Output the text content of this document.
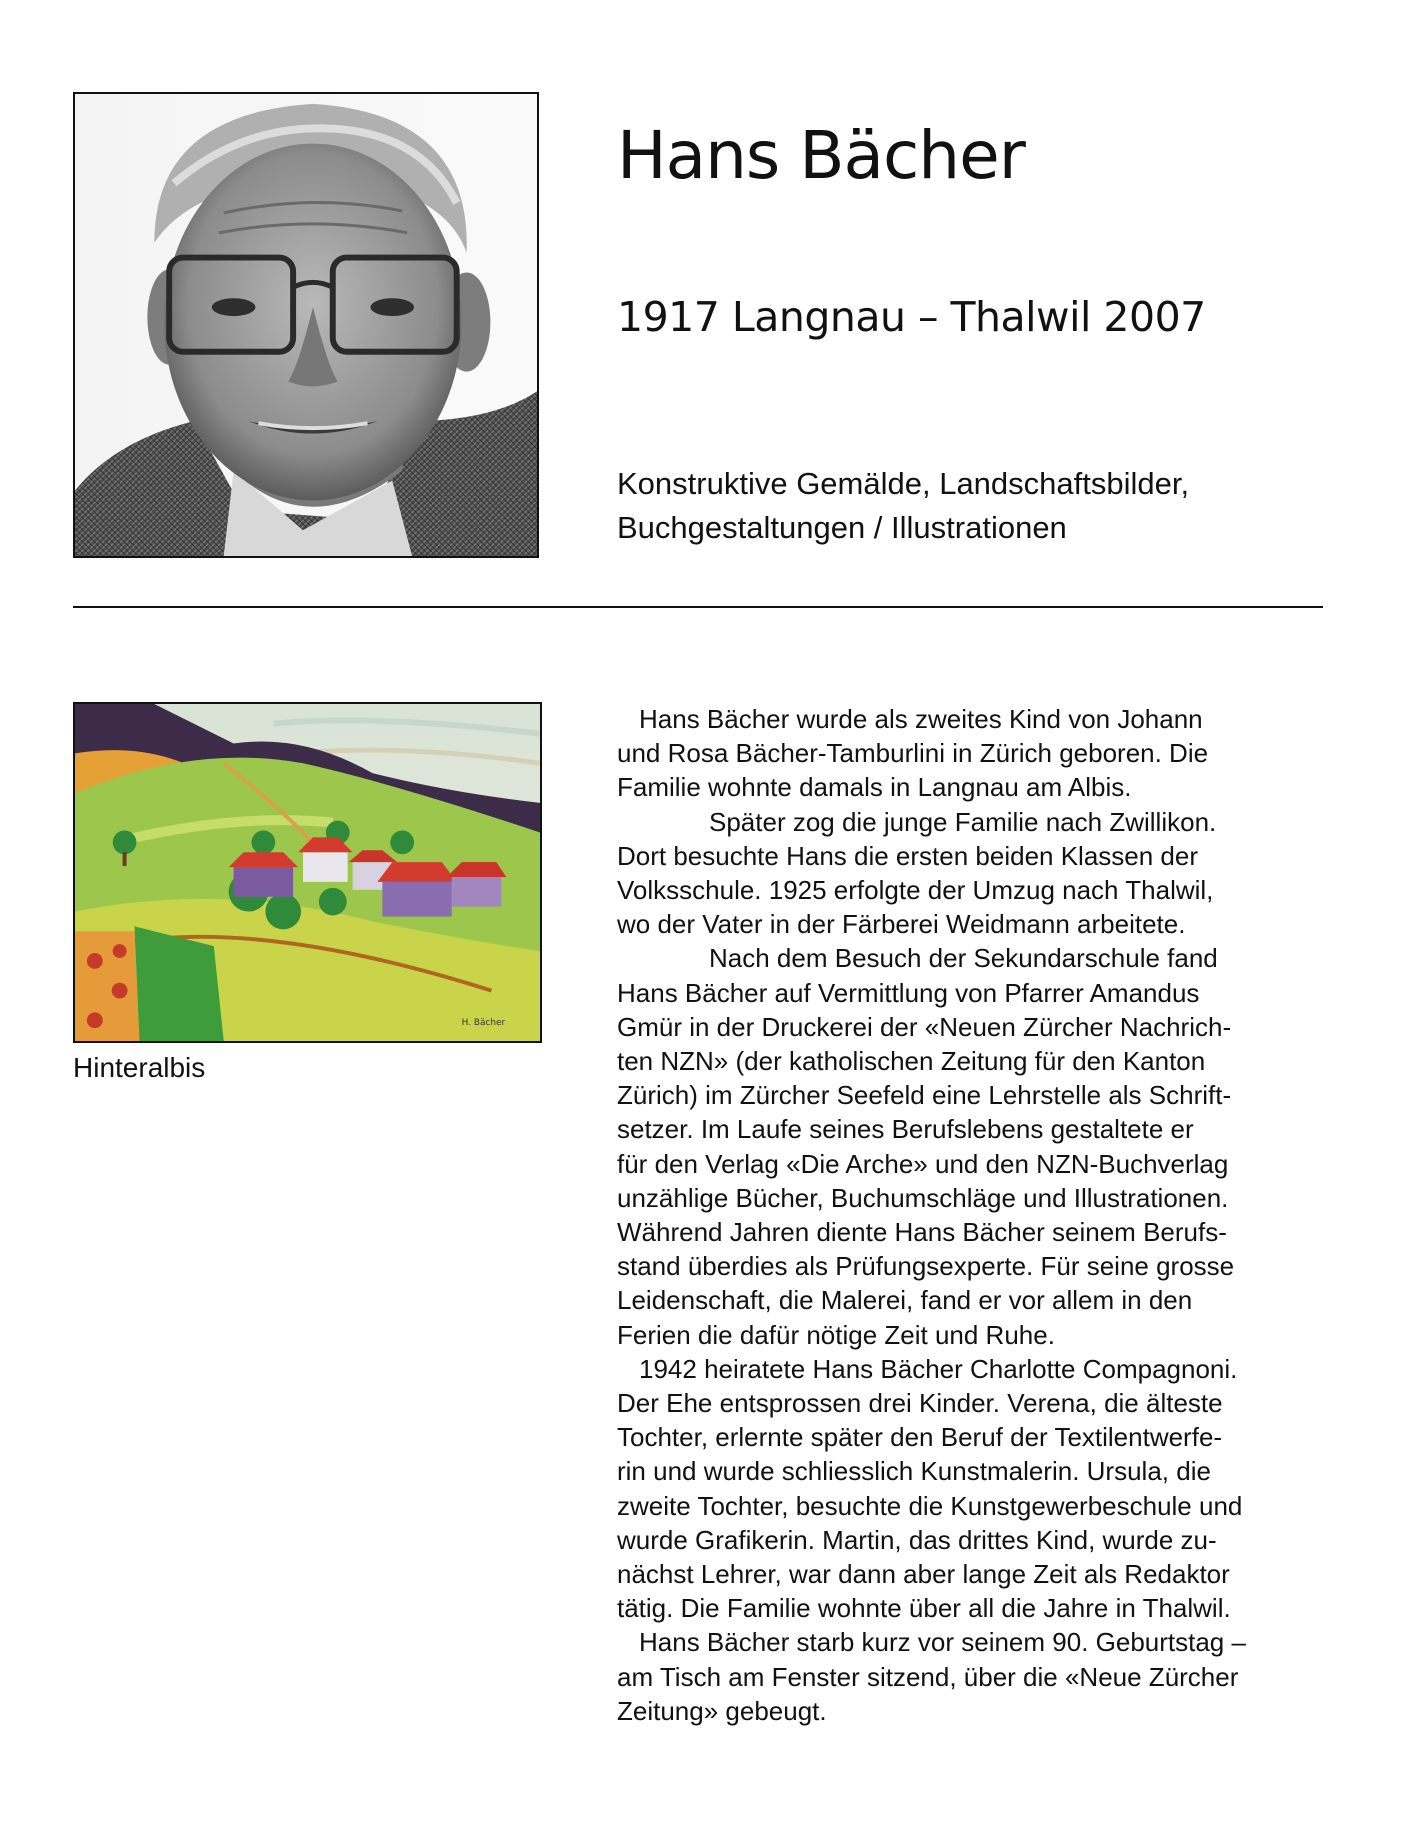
Hans Bächer
1917 Langnau – Thalwil 2007
Konstruktive Gemälde, Landschaftsbilder,
Buchgestaltungen / Illustrationen
H. Bächer
Hinteralbis
Hans Bächer wurde als zweites Kind von Johann
und Rosa Bächer-Tamburlini in Zürich geboren. Die
Familie wohnte damals in Langnau am Albis.
Später zog die junge Familie nach Zwillikon.
Dort besuchte Hans die ersten beiden Klassen der
Volksschule. 1925 erfolgte der Umzug nach Thalwil,
wo der Vater in der Färberei Weidmann arbeitete.
Nach dem Besuch der Sekundarschule fand
Hans Bächer auf Vermittlung von Pfarrer Amandus
Gmür in der Druckerei der «Neuen Zürcher Nachrich-
ten NZN» (der katholischen Zeitung für den Kanton
Zürich) im Zürcher Seefeld eine Lehrstelle als Schrift-
setzer. Im Laufe seines Berufslebens gestaltete er
für den Verlag «Die Arche» und den NZN-Buchverlag
unzählige Bücher, Buchumschläge und Illustrationen.
Während Jahren diente Hans Bächer seinem Berufs-
stand überdies als Prüfungsexperte. Für seine grosse
Leidenschaft, die Malerei, fand er vor allem in den
Ferien die dafür nötige Zeit und Ruhe.
1942 heiratete Hans Bächer Charlotte Compagnoni.
Der Ehe entsprossen drei Kinder. Verena, die älteste
Tochter, erlernte später den Beruf der Textilentwerfe-
rin und wurde schliesslich Kunstmalerin. Ursula, die
zweite Tochter, besuchte die Kunstgewerbeschule und
wurde Grafikerin. Martin, das drittes Kind, wurde zu-
nächst Lehrer, war dann aber lange Zeit als Redaktor
tätig. Die Familie wohnte über all die Jahre in Thalwil.
Hans Bächer starb kurz vor seinem 90. Geburtstag –
am Tisch am Fenster sitzend, über die «Neue Zürcher
Zeitung» gebeugt.
